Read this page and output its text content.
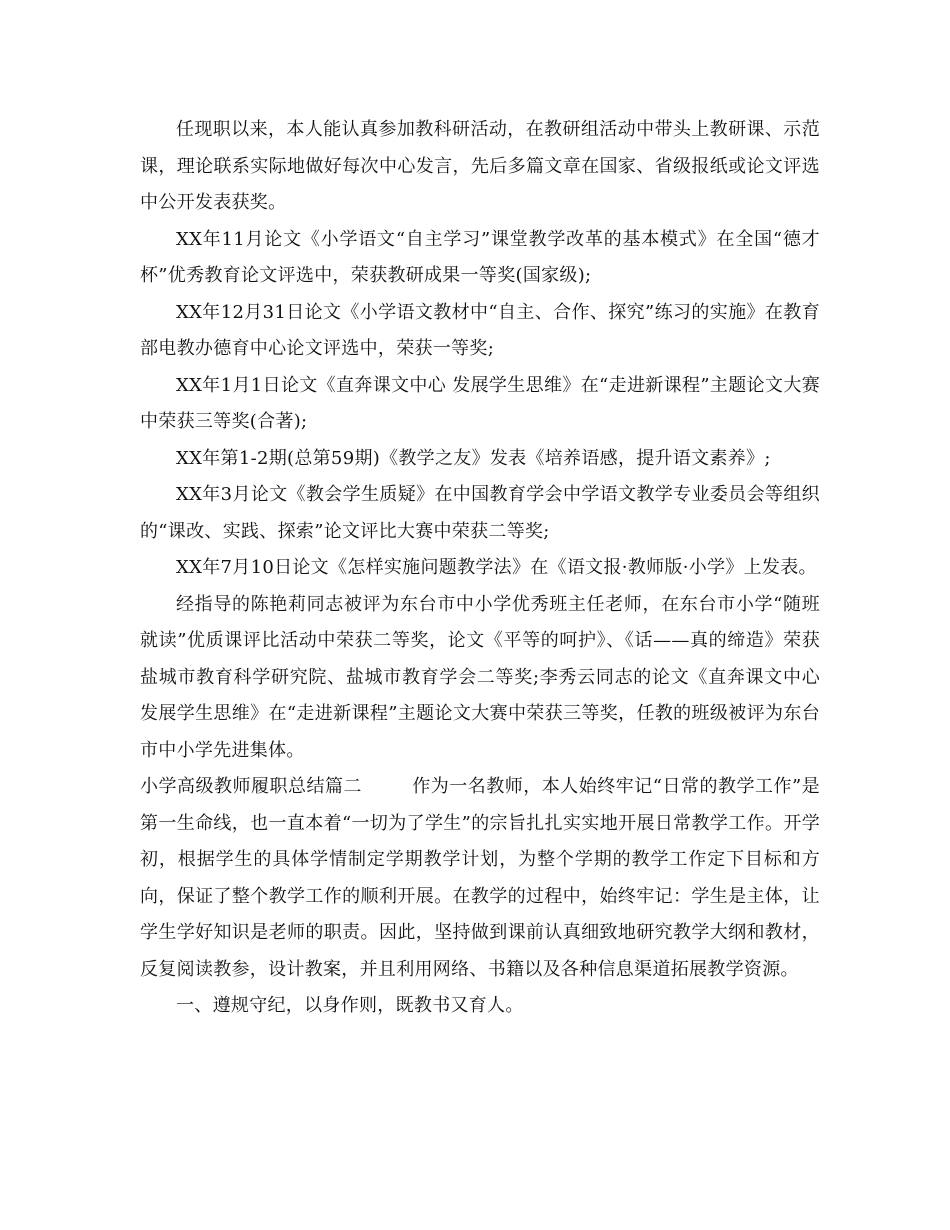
任现职以来，本人能认真参加教科研活动，在教研组活动中带头上教研课、示范课，理论联系实际地做好每次中心发言，先后多篇文章在国家、省级报纸或论文评选中公开发表获奖。

XX年11月论文《小学语文“自主学习”课堂教学改革的基本模式》在全国“德才杯”优秀教育论文评选中，荣获教研成果一等奖(国家级);

XX年12月31日论文《小学语文教材中“自主、合作、探究”练习的实施》在教育部电教办德育中心论文评选中，荣获一等奖;

XX年1月1日论文《直奔课文中心 发展学生思维》在“走进新课程”主题论文大赛中荣获三等奖(合著);

XX年第1-2期(总第59期)《教学之友》发表《培养语感，提升语文素养》;

XX年3月论文《教会学生质疑》在中国教育学会中学语文教学专业委员会等组织的“课改、实践、探索”论文评比大赛中荣获二等奖;

XX年7月10日论文《怎样实施问题教学法》在《语文报·教师版·小学》上发表。

经指导的陈艳莉同志被评为东台市中小学优秀班主任老师，在东台市小学“随班就读”优质课评比活动中荣获二等奖，论文《平等的呵护》、《话——真的缔造》荣获盐城市教育科学研究院、盐城市教育学会二等奖;李秀云同志的论文《直奔课文中心 发展学生思维》在“走进新课程”主题论文大赛中荣获三等奖，任教的班级被评为东台市中小学先进集体。

小学高级教师履职总结篇二	作为一名教师，本人始终牢记“日常的教学工作”是第一生命线，也一直本着“一切为了学生”的宗旨扎扎实实地开展日常教学工作。开学初，根据学生的具体学情制定学期教学计划，为整个学期的教学工作定下目标和方向，保证了整个教学工作的顺利开展。在教学的过程中，始终牢记：学生是主体，让学生学好知识是老师的职责。因此，坚持做到课前认真细致地研究教学大纲和教材，反复阅读教参，设计教案，并且利用网络、书籍以及各种信息渠道拓展教学资源。

一、遵规守纪，以身作则，既教书又育人。
